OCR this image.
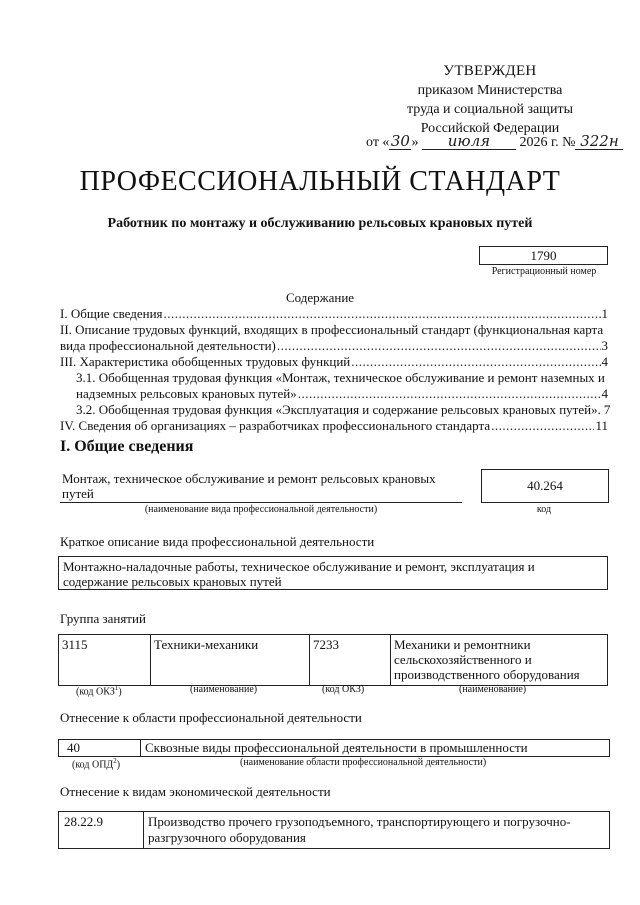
УТВЕРЖДЕН
приказом Министерства
труда и социальной защиты
Российской Федерации
от «30» июля 2026 г. № 322н
ПРОФЕССИОНАЛЬНЫЙ СТАНДАРТ
Работник по монтажу и обслуживанию рельсовых крановых путей
1790
Регистрационный номер
Содержание
I. Общие сведения .....	1
II. Описание трудовых функций, входящих в профессиональный стандарт (функциональная карта
вида профессиональной деятельности) .....	3
III. Характеристика обобщенных трудовых функций .....	4
3.1. Обобщенная трудовая функция «Монтаж, техническое обслуживание и ремонт наземных и
надземных рельсовых крановых путей» .....	4
3.2. Обобщенная трудовая функция «Эксплуатация и содержание рельсовых крановых путей». 7
IV. Сведения об организациях – разработчиках профессионального стандарта .....	11
I. Общие сведения
Монтаж, техническое обслуживание и ремонт рельсовых крановых путей
(наименование вида профессиональной деятельности)
40.264
код
Краткое описание вида профессиональной деятельности
Монтажно-наладочные работы, техническое обслуживание и ремонт, эксплуатация и содержание рельсовых крановых путей
Группа занятий
3115	Техники-механики	7233	Механики и ремонтники сельскохозяйственного и производственного оборудования
(код ОКЗ$^1$)	(наименование)	(код ОКЗ)	(наименование)
Отнесение к области профессиональной деятельности
40	Сквозные виды профессиональной деятельности в промышленности
(код ОПД$^2$)	(наименование области профессиональной деятельности)
Отнесение к видам экономической деятельности
28.22.9	Производство прочего грузоподъемного, транспортирующего и погрузочно-разгрузочного оборудования
